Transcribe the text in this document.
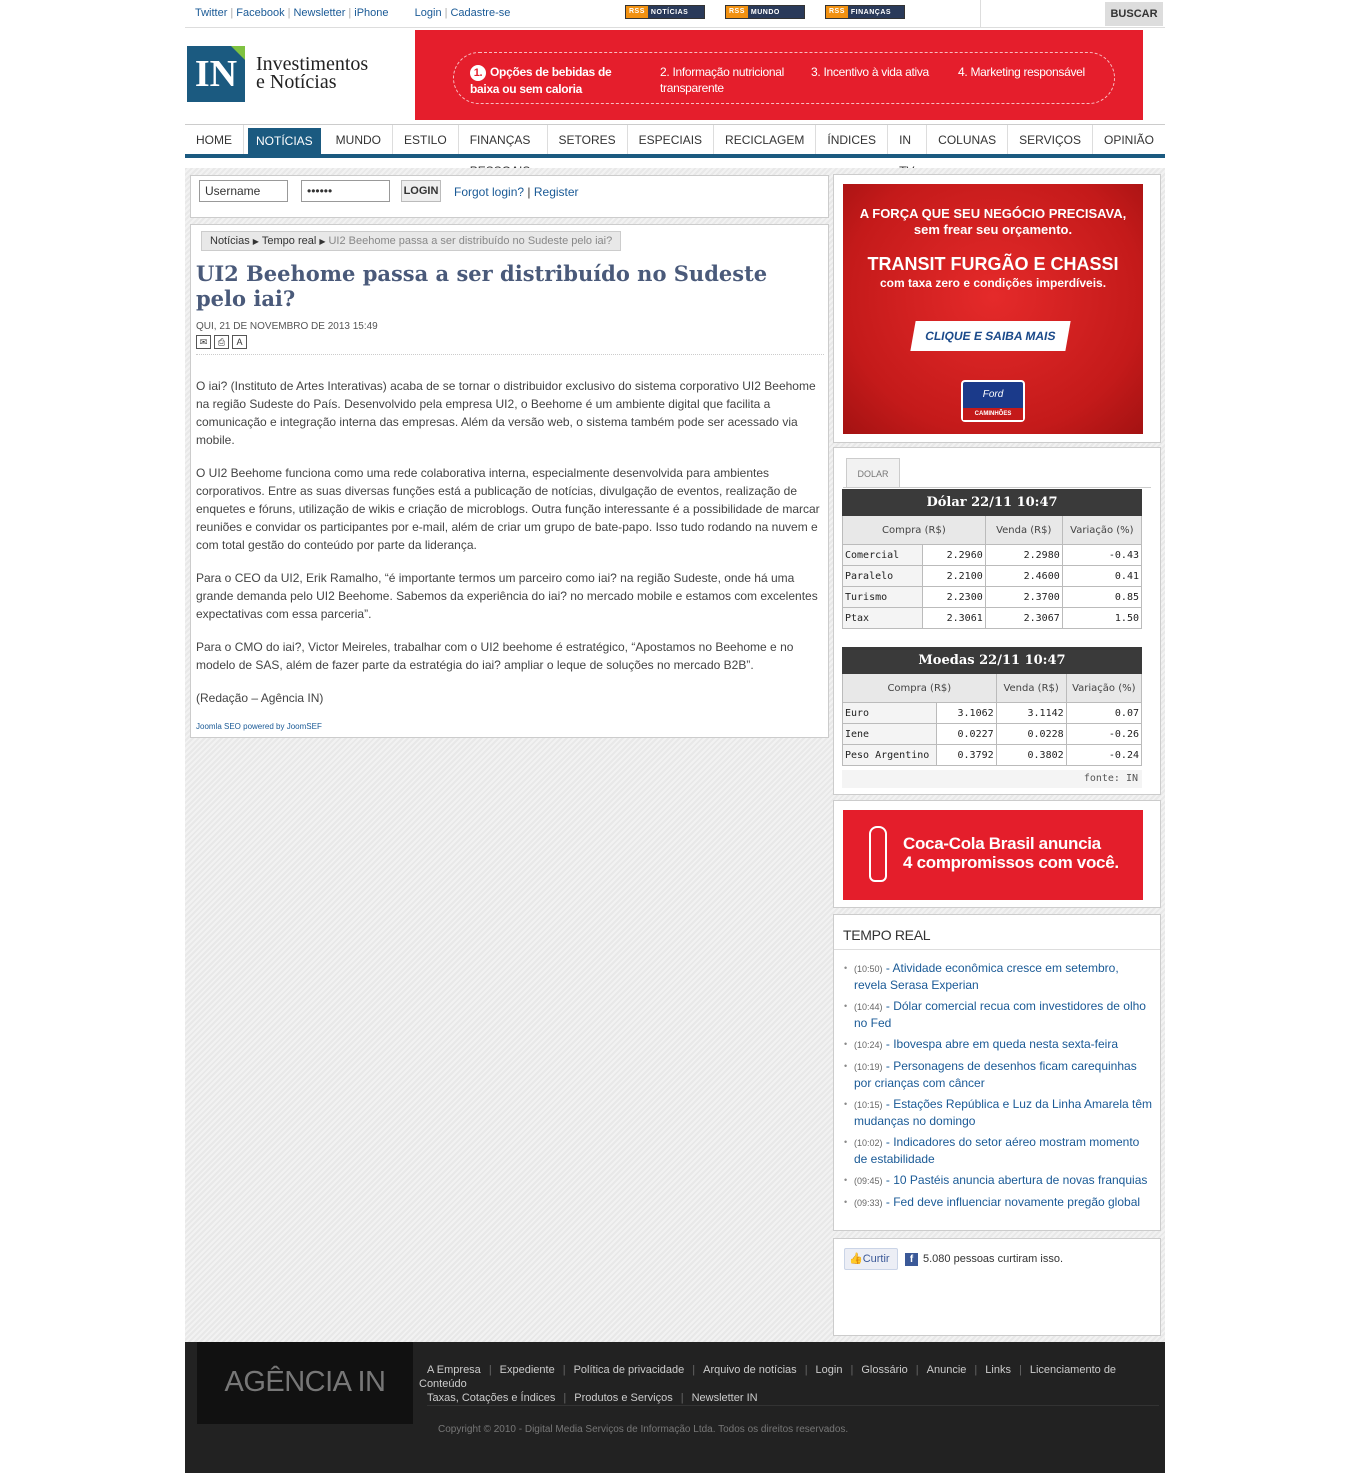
Twitter | Facebook | Newsletter | iPhone Login | Cadastre-se	RSS NOTÍCIAS	RSS MUNDO	RSS FINANÇAS	BUSCAR
IN Investimentos
e Notícias	1. Opções de bebidas de baixa ou sem caloria
2. Informação nutricional transparente
3. Incentivo à vida ativa	4. Marketing responsável
HOME	NOTÍCIAS	MUNDO	ESTILO	FINANÇAS	SETORES	ESPECIAIS	RECICLAGEM	ÍNDICES	IN	COLUNAS	SERVIÇOS	OPINIÃO
Username
••••••
LOGIN Forgot login? | Register
Notícias ▶ Tempo real ▶ UI2 Beehome passa a ser distribuído no Sudeste pelo iai?
UI2 Beehome passa a ser distribuído no Sudeste pelo iai?
QUI, 21 DE NOVEMBRO DE 2013 15:49
✉	⎙	A

O iai? (Instituto de Artes Interativas) acaba de se tornar o distribuidor exclusivo do sistema corporativo UI2 Beehome na região Sudeste do País. Desenvolvido pela empresa UI2, o Beehome é um ambiente digital que facilita a comunicação e integração interna das empresas. Além da versão web, o sistema também pode ser acessado via mobile.

O UI2 Beehome funciona como uma rede colaborativa interna, especialmente desenvolvida para ambientes corporativos. Entre as suas diversas funções está a publicação de notícias, divulgação de eventos, realização de enquetes e fóruns, utilização de wikis e criação de microblogs. Outra função interessante é a possibilidade de marcar reuniões e convidar os participantes por e-mail, além de criar um grupo de bate-papo. Isso tudo rodando na nuvem e com total gestão do conteúdo por parte da liderança.

Para o CEO da UI2, Erik Ramalho, “é importante termos um parceiro como iai? na região Sudeste, onde há uma grande demanda pelo UI2 Beehome. Sabemos da experiência do iai? no mercado mobile e estamos com excelentes expectativas com essa parceria”.

Para o CMO do iai?, Victor Meireles, trabalhar com o UI2 beehome é estratégico, “Apostamos no Beehome e no modelo de SAS, além de fazer parte da estratégia do iai? ampliar o leque de soluções no mercado B2B”.

(Redação – Agência IN)

Joomla SEO powered by JoomSEF
A FORÇA QUE SEU NEGÓCIO PRECISAVA,
sem frear seu orçamento.
TRANSIT FURGÃO E CHASSI
com taxa zero e condições imperdíveis.
CLIQUE E SAIBA MAIS
Ford
CAMINHÕES
DOLAR
Dólar 22/11 10:47			
Compra (R$)		Venda (R$)	Variação (%)
Comercial	2.2960	2.2980	-0.43
Paralelo	2.2100	2.4600	0.41
Turismo	2.2300	2.3700	0.85
Ptax	2.3061	2.3067	1.50
Moedas 22/11 10:47			
Compra (R$)		Venda (R$)	Variação (%)
Euro	3.1062	3.1142	0.07
Iene	0.0227	0.0228	-0.26
Peso Argentino	0.3792	0.3802	-0.24
fonte: IN
Coca-Cola Brasil anuncia
4 compromissos com você.
TEMPO REAL
• (10:50) - Atividade econômica cresce em setembro, revela Serasa Experian
• (10:44) - Dólar comercial recua com investidores de olho no Fed
• (10:24) - Ibovespa abre em queda nesta sexta-feira
• (10:19) - Personagens de desenhos ficam carequinhas por crianças com câncer
• (10:15) - Estações República e Luz da Linha Amarela têm mudanças no domingo
• (10:02) - Indicadores do setor aéreo mostram momento de estabilidade
• (09:45) - 10 Pastéis anuncia abertura de novas franquias
• (09:33) - Fed deve influenciar novamente pregão global
👍Curtir	f 5.080 pessoas curtiram isso.
AGÊNCIA IN	A Empresa | Expediente | Política de privacidade | Arquivo de notícias | Login | Glossário | Anuncie | Links | Licenciamento de Conteúdo
Taxas, Cotações e Índices | Produtos e Serviços | Newsletter IN
Copyright © 2010 - Digital Media Serviços de Informação Ltda. Todos os direitos reservados.
